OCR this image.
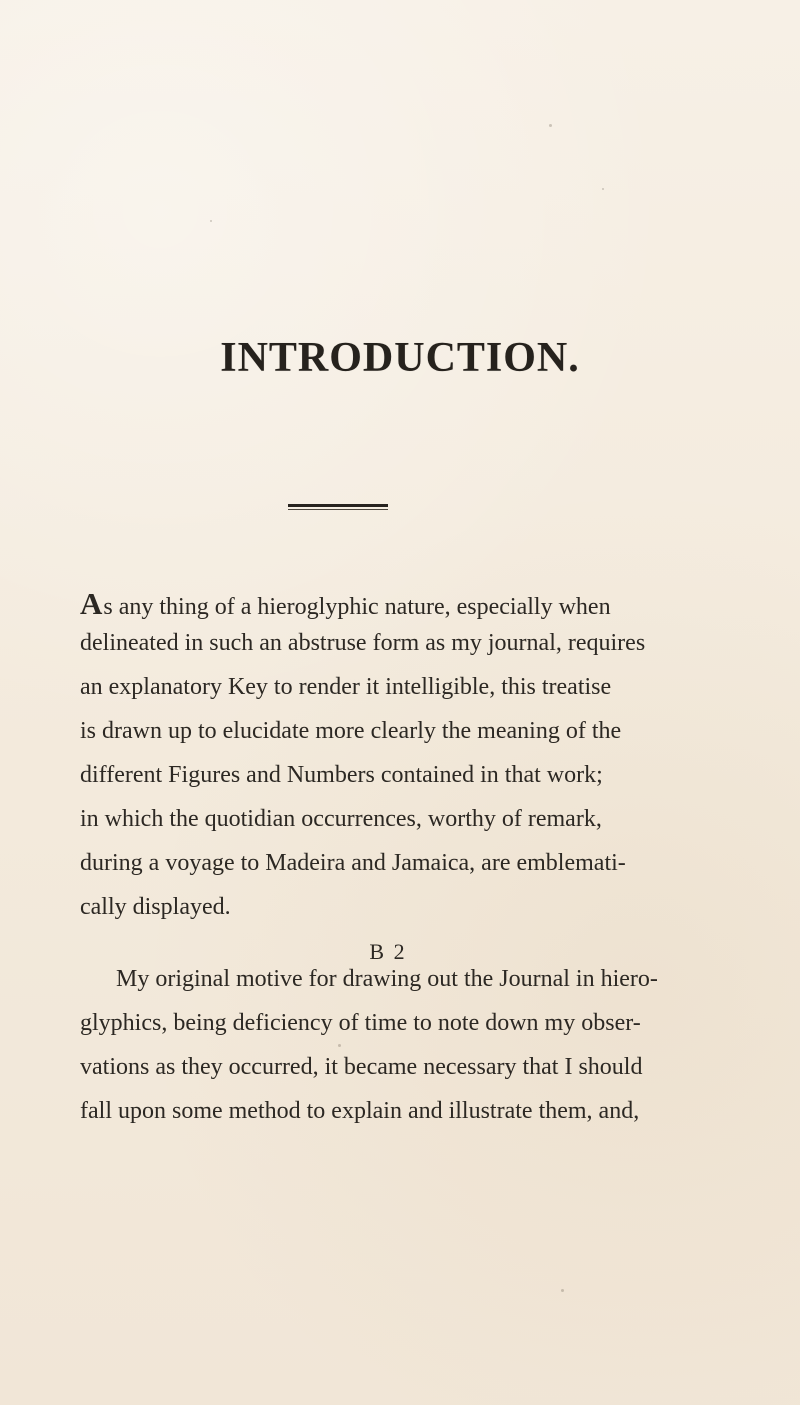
INTRODUCTION.
As any thing of a hieroglyphic nature, especially when
delineated in such an abstruse form as my journal, requires
an explanatory Key to render it intelligible, this treatise
is drawn up to elucidate more clearly the meaning of the
different Figures and Numbers contained in that work;
in which the quotidian occurrences, worthy of remark,
during a voyage to Madeira and Jamaica, are emblemati-
cally displayed.
My original motive for drawing out the Journal in hiero-
glyphics, being deficiency of time to note down my obser-
vations as they occurred, it became necessary that I should
fall upon some method to explain and illustrate them, and,
B 2
